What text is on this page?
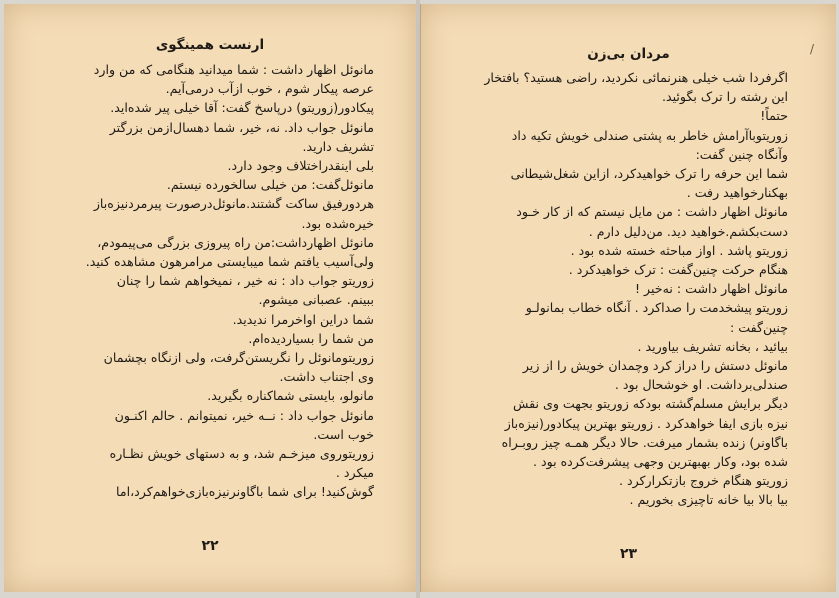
ارنست همینگوی
مانوئل اظهار داشت : شما میدانید هنگامی که من وارد
عرصه پیکار شوم ، خوب ازآب درمی‌آیم.
پیکادور(زوریتو) درپاسخ گفت: آقا خیلی پیر شده‌اید.
مانوئل جواب داد. نه، خیر، شما دهسال‌ازمن بزرگتر
تشریف دارید.
بلی اینقدراختلاف وجود دارد.
مانوئل‌گفت: من خیلی سالخورده نیستم.
هردورفیق ساکت گشتند.مانوئل‌درصورت پیرمردنیزه‌باز
خیره‌شده بود.
مانوئل اظهارداشت:من راه پیروزی بزرگی می‌پیمودم،
ولی‌آسیب یافتم شما میبایستی مرامرهون مشاهده کنید.
زوریتو جواب داد : نه خیر ، نمیخواهم شما را چنان
ببینم. عصبانی میشوم.
شما دراین اواخرمرا ندیدید.
من شما را بسیاردیده‌ام.
زوریتومانوئل را نگریستن‌گرفت، ولی ازنگاه بچشمان
وی اجتناب داشت.
مانولو، بایستی شماکناره بگیرید.
مانوئل جواب داد : نــه خیر، نمیتوانم . حالم اکنـون
خوب است.
زوریتوروی میزخـم شد، و به دستهای خویش نظـاره
میکرد .
گوش‌کنید! برای شما باگاونرنیزه‌بازی‌خواهم‌کرد،اما
۲۲
/
مردان بی‌زن
اگرفردا شب خیلی هنرنمائی نکردید، راضی هستید؟ بافتخار
این رشته را ترک بگوئید.
حتماً!
زوریتوباآرامش خاطر به پشتی صندلی خویش تکیه داد
وآنگاه چنین گفت:
شما این حرفه را ترک خواهیدکرد، ازاین شغل‌شیطانی
بهکنارخواهید رفت .
مانوئل اظهار داشت : من مایل نیستم که از کار خـود
دست‌بکشم.خواهید دید. من‌دلیل دارم .
زوریتو پاشد . اواز مباحثه خسته شده بود .
هنگام حرکت چنین‌گفت : ترک خواهیدکرد .
مانوئل اظهار داشت : نه‌خیر !
زوریتو پیشخدمت را صداکرد . آنگاه خطاب بمانولـو
چنین‌گفت :
بیائید ، بخانه تشریف بیاورید .
مانوئل دستش را دراز کرد وچمدان خویش را از زیر
صندلی‌برداشت. او خوشحال بود .
دیگر برایش مسلم‌گشته بودکه زوریتو بجهت وی نقش
نیزه بازی ایفا خواهدکرد . زوریتو بهترین پیکادور(نیزه‌باز
باگاونر) زنده بشمار میرفت. حالا دیگر همـه چیز روبـراه
شده بود، وکار بهبهترین وجهی پیشرفت‌کرده بود .
زوریتو هنگام خروج بازتکرارکرد .
بیا بالا بیا خانه تاچیزی بخوریم .
۲۳
